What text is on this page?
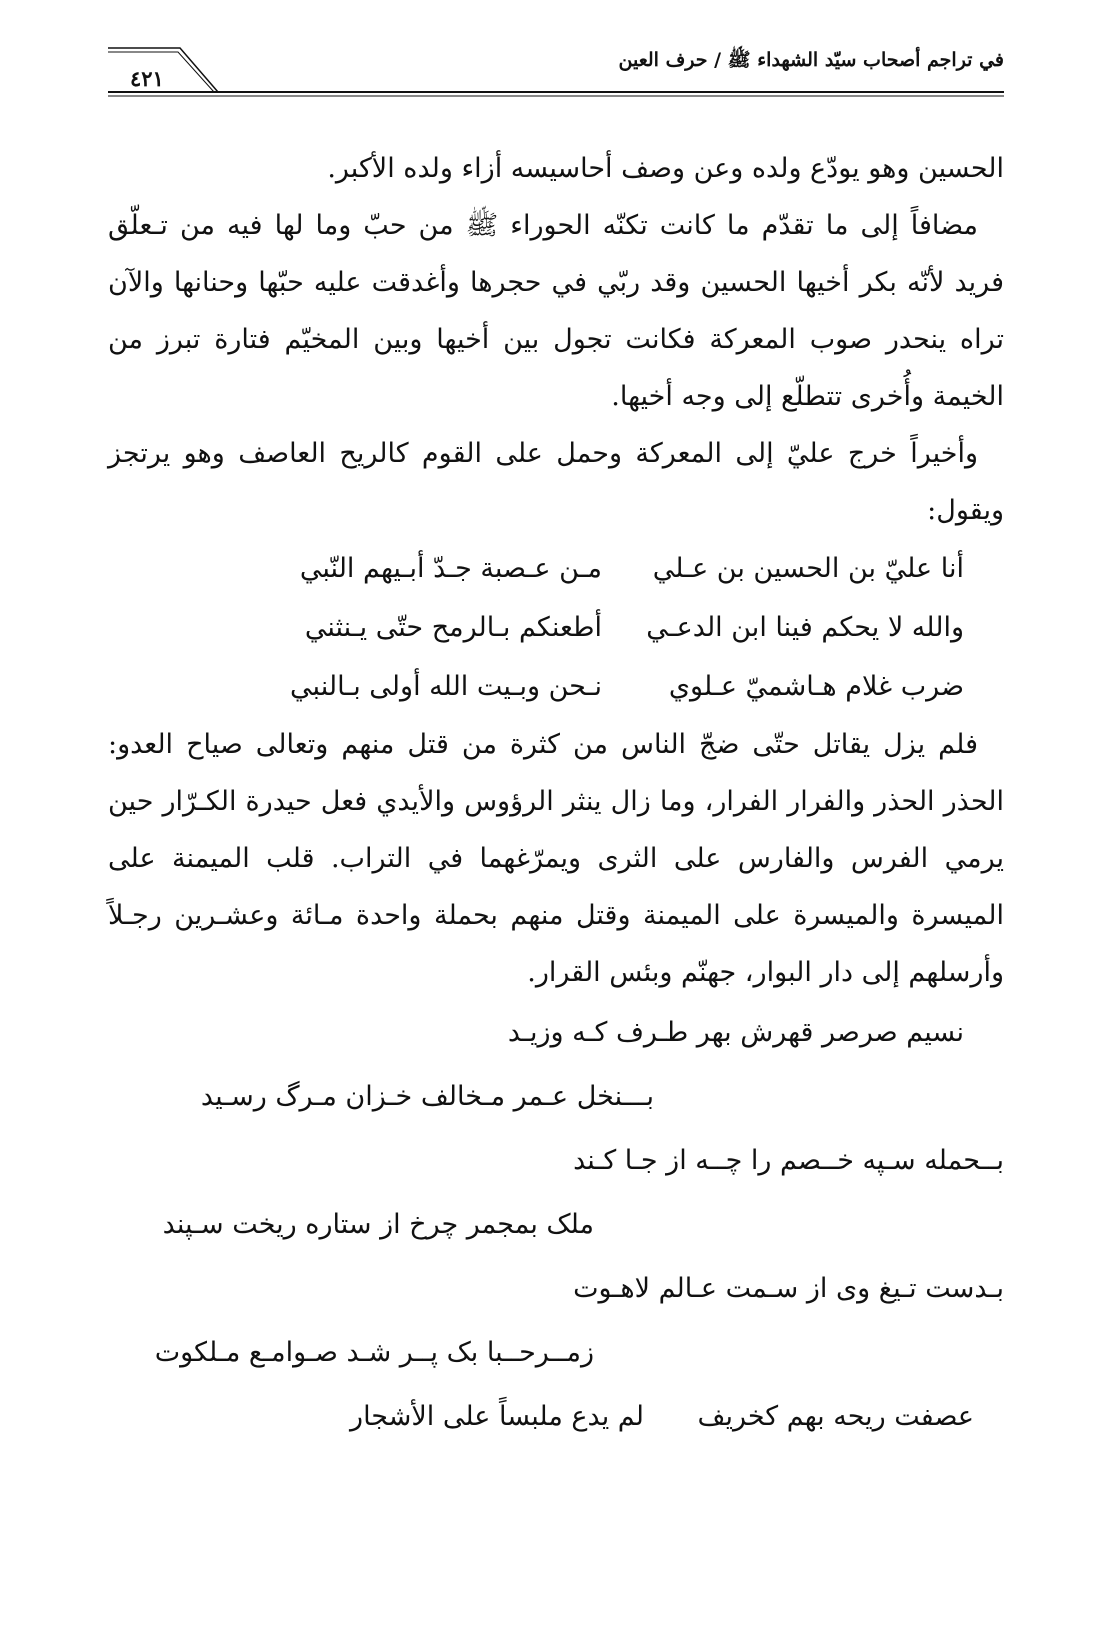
٤٢١
في تراجم أصحاب سيّد الشهداء ﷺ / حرف العين

الحسين وهو يودّع ولده وعن وصف أحاسيسه أزاء ولده الأكبر.

مضافاً إلى ما تقدّم ما كانت تكنّه الحوراء ﷺ من حبّ وما لها فيه من تـعلّق فريد لأنّه بكر أخيها الحسين وقد ربّي في حجرها وأغدقت عليه حبّها وحنانها والآن تراه ينحدر صوب المعركة فكانت تجول بين أخيها وبين المخيّم فتارة تبرز من الخيمة وأُخرى تتطلّع إلى وجه أخيها.

وأخيراً خرج عليّ إلى المعركة وحمل على القوم كالريح العاصف وهو يرتجز ويقول:

أنا عليّ بن الحسين بن عـلي
مـن عـصبة جـدّ أبـيهم النّبي
والله لا يحكم فينا ابن الدعـي
أطعنكم بـالرمح حتّى يـنثني
ضرب غلام هـاشميّ عـلوي
نـحن وبـيت الله أولى بـالنبي

فلم يزل يقاتل حتّى ضجّ الناس من كثرة من قتل منهم وتعالى صياح العدو: الحذر الحذر والفرار الفرار، وما زال ينثر الرؤوس والأيدي فعل حيدرة الكـرّار حين يرمي الفرس والفارس على الثرى ويمرّغهما في التراب. قلب الميمنة على الميسرة والميسرة على الميمنة وقتل منهم بحملة واحدة مـائة وعشـرين رجـلاً وأرسلهم إلى دار البوار، جهنّم وبئس القرار.

نسيم صرصر قهرش بهر طـرف کـه وزيـد
بـــنخل عـمر مـخالف خـزان مـرگ رسـيد
بــحمله سـپه خــصم را چــه از جـا کـند
ملک بمجمر چرخ از ستاره ريخت سـپند
بـدست تـيغ وی از سـمت عـالم لاهـوت
زمــرحــبا بک پــر شـد صـوامـع مـلکوت
عصفت ريحه بهم كخريف
لم يدع ملبساً على الأشجار
